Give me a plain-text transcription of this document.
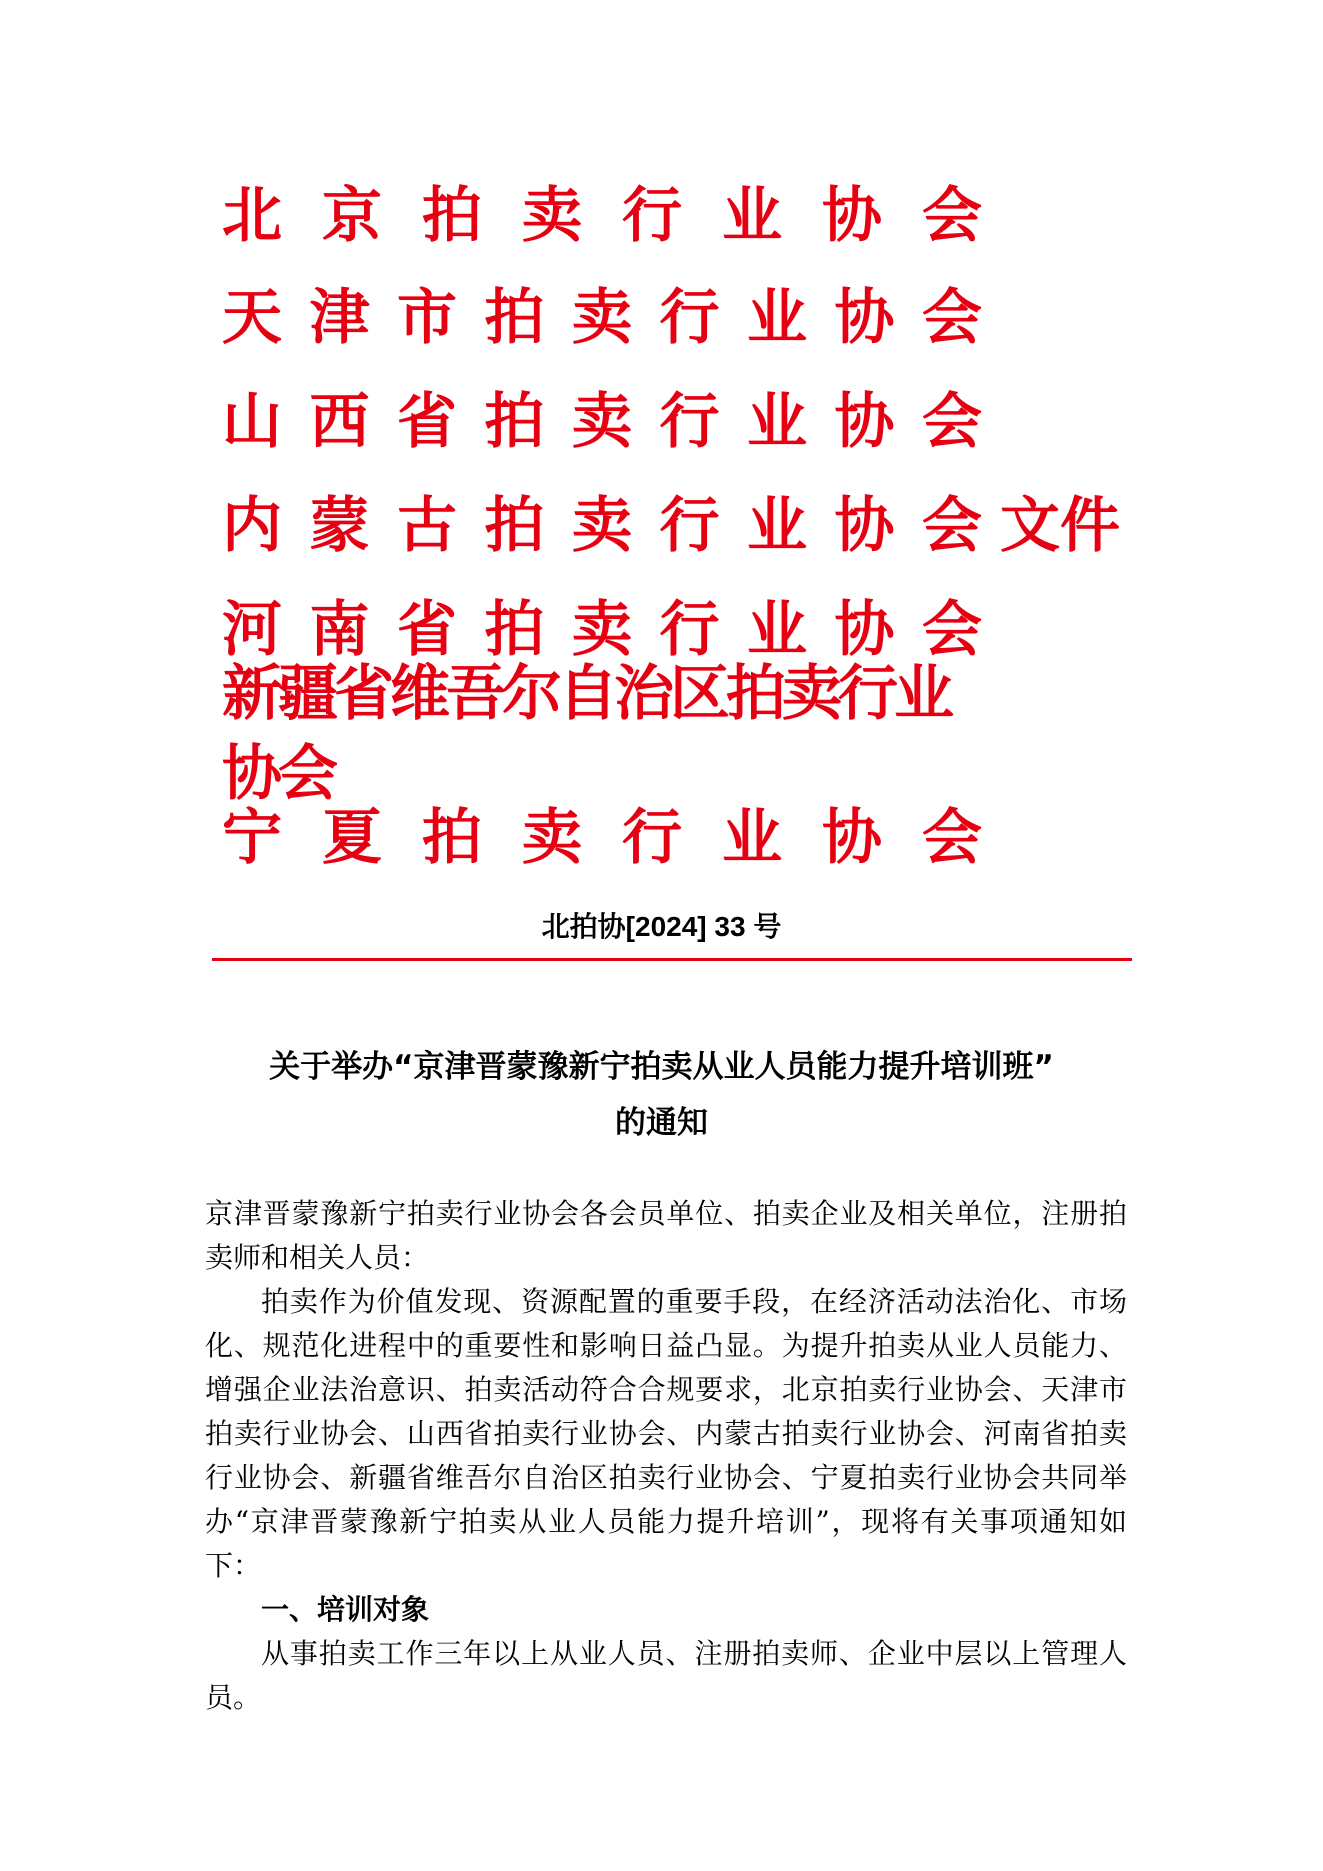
北 京 拍 卖 行 业 协 会
天 津 市 拍 卖 行 业 协 会
山 西 省 拍 卖 行 业 协 会
内 蒙 古 拍 卖 行 业 协 会 文件
河 南 省 拍 卖 行 业 协 会
新疆省维吾尔自治区拍卖行业协会
宁 夏 拍 卖 行 业 协 会
北拍协[2024] 33 号
关于举办“京津晋蒙豫新宁拍卖从业人员能力提升培训班”
的通知

京津晋蒙豫新宁拍卖行业协会各会员单位、拍卖企业及相关单位，注册拍卖师和相关人员：

拍卖作为价值发现、资源配置的重要手段，在经济活动法治化、市场化、规范化进程中的重要性和影响日益凸显。为提升拍卖从业人员能力、增强企业法治意识、拍卖活动符合合规要求，北京拍卖行业协会、天津市拍卖行业协会、山西省拍卖行业协会、内蒙古拍卖行业协会、河南省拍卖行业协会、新疆省维吾尔自治区拍卖行业协会、宁夏拍卖行业协会共同举办“京津晋蒙豫新宁拍卖从业人员能力提升培训”，现将有关事项通知如下：

一、培训对象

从事拍卖工作三年以上从业人员、注册拍卖师、企业中层以上管理人员。
